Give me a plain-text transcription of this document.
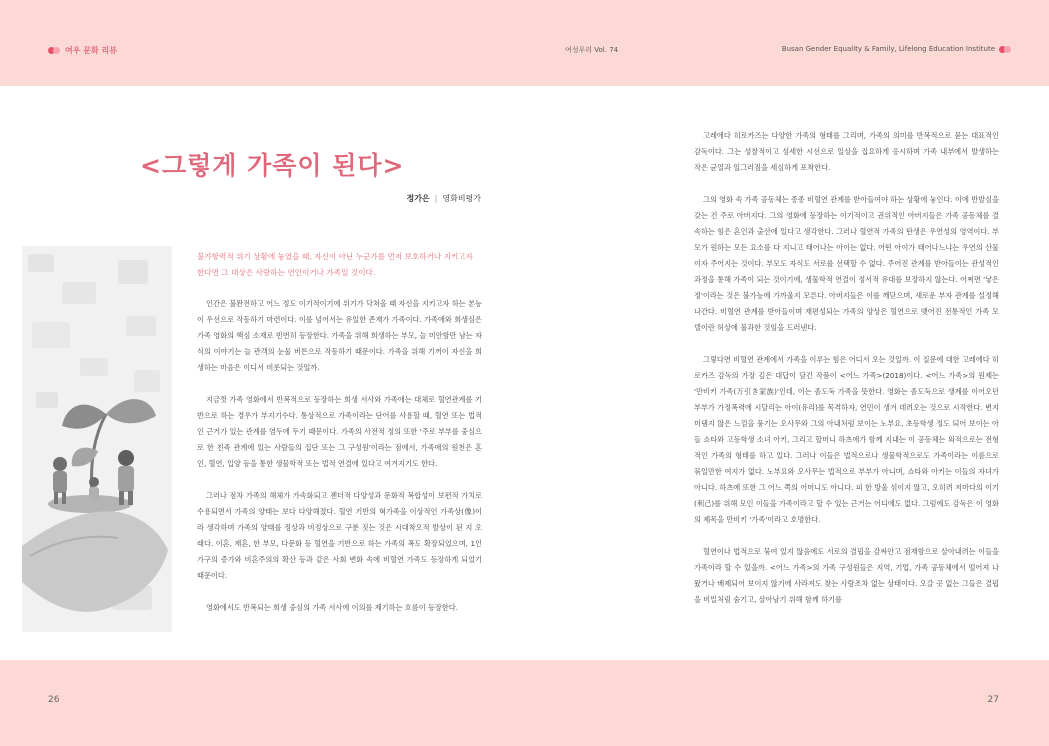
여우 문화 리뷰	여성우리 Vol. 74	Busan Gender Equality & Family, Lifelong Education Institute
<그렇게 가족이 된다>
정가은 | 영화비평가

불가항력적 위기 상황에 놓였을 때, 자신이 아닌 누군가를 먼저 보호하거나 지키고자 한다면 그 대상은 사랑하는 연인이거나 가족일 것이다.

인간은 불완전하고 어느 정도 이기적이기에 위기가 닥쳐올 때 자신을 지키고자 하는 본능이 우선으로 작동하기 마련이다. 이를 넘어서는 유일한 존재가 가족이다. 가족애와 희생심은 가족 영화의 핵심 소재로 빈번히 등장한다. 가족을 위해 희생하는 부모, 늘 미안함만 남는 자식의 이야기는 늘 관객의 눈물 버튼으로 작동하기 때문이다. 가족을 위해 기꺼이 자신을 희생하는 마음은 이디서 비롯되는 것일까.

지금껏 가족 영화에서 반복적으로 등장하는 희생 서사와 가족애는 대체로 혈연관계를 기반으로 하는 경우가 부지기수다. 통상적으로 가족이라는 단어를 사용할 때, 혈연 또는 법적인 근거가 있는 관계를 염두에 두기 때문이다. 가족의 사전적 정의 또한 '주로 부부를 중심으로 한 친족 관계에 있는 사람들의 집단 또는 그 구성원'이라는 점에서, 가족애의 원천은 혼인, 혈연, 입양 등을 통한 생물학적 또는 법적 연결에 있다고 여겨지기도 한다.

그러나 점차 가족의 해체가 가속화되고 젠더적 다양성과 문화적 복합성이 보편적 가치로 수용되면서 가족의 양태는 보다 다양해졌다. 혈연 기반의 혁가족을 이상적인 가족상(像)이라 생각하며 가족의 양태를 정상과 비정상으로 구분 짓는 것은 시대착오적 발상이 된 지 오래다. 이혼, 재혼, 한 부모, 다문화 등 혈연을 기반으로 하는 가족의 폭도 확장되었으며, 1인 가구의 증가와 비혼주의의 확산 등과 같은 사회 변화 속에 비혈연 가족도 등장하게 되었기 때문이다.

영화에서도 반복되는 희생 중심의 가족 서사에 이의를 제기하는 흐름이 등장한다.

고레에다 히로카즈는 다양한 가족의 형태를 그리며, 가족의 의미를 반복적으로 묻는 대표적인 감독이다. 그는 성찰적이고 섬세한 시선으로 일상을 집요하게 응시하며 가족 내부에서 발생하는 작은 균열과 일그러짐을 세심하게 포착한다.

그의 영화 속 가족 공동체는 종종 비혈연 관계를 받아들여야 하는 상황에 놓인다. 이에 반발심을 갖는 건 주로 아버지다. 그의 영화에 등장하는 이기적이고 권위적인 아버지들은 가족 공동체를 결속하는 힘은 혼인과 출산에 있다고 생각한다. 그러나 혈연적 가족의 탄생은 우연성의 영역이다. 부모가 원하는 모든 요소를 다 지니고 태어나는 아이는 없다. 어떤 아이가 태어나느냐는 우연의 산물이자 주어지는 것이다. 부모도 자식도 서로를 선택할 수 없다. 주어진 관계를 받아들이는 관성적인 과정을 통해 가족이 되는 것이기에, 생물학적 연결이 정서적 유대를 보장하지 않는다. 어쩌면 '낳은 정'이라는 것은 불가능에 가까울지 모른다. 아버지들은 이를 깨닫으며, 새로운 부자 관계를 설정해 나간다. 비혈연 관계를 받아들이며 재편성되는 가족의 양상은 혈연으로 맺어진 전통적인 가족 모델이란 허상에 불과한 것임을 드러낸다.

그렇다면 비혈연 관계에서 가족을 이루는 힘은 어디서 오는 것일까. 이 질문에 대한 고레에다 히로카즈 감독의 가장 깊은 대답이 담긴 작품이 <어느 가족>(2018)이다. <어느 가족>의 원제는 '만비키 가족(万引き家族)'인데, 이는 좀도둑 가족을 뜻한다. 영화는 좀도둑으로 생계를 이어오던 부부가 가정폭력에 시달리는 아이(유리)를 목격하자, 연민이 생겨 데려오는 것으로 시작한다. 변지 미댐지 않은 느낌을 풍기는 오사무와 그의 아내처럼 보이는 노부요, 초등학생 정도 되어 보이는 아들 쇼타와 고등학생 소녀 아키, 그리고 할머니 하츠에가 함께 지내는 이 공동체는 외적으로는 전형적인 가족의 형태를 하고 있다. 그러나 이들은 법적으로나 생물학적으로도 가족이라는 이름으로 묶일만한 여지가 없다. 노부요와 오사무는 법적으로 부부가 아니며, 쇼타와 아키는 이들의 자녀가 아니다. 하츠에 또한 그 어느 쪽의 어머니도 아니다. 피 한 방울 섞이지 않고, 오히려 저마다의 이기(利己)를 위해 모인 이들을 가족이라고 할 수 있는 근거는 어디에도 없다. 그럼에도 감독은 이 영화의 제목을 만비키 '가족'이라고 호명한다.

혈연이나 법적으로 묶여 있지 않음에도 서로의 결핍을 감싸안고 점재함으로 살아내려는 이들을 가족이라 할 수 있을까. <어느 가족>의 가족 구성원들은 지역, 기업, 가족 공동체에서 떨어져 나왔거나 배제되어 보이지 않기에 사라져도 찾는 사람조차 없는 상태이다. 오갈 곳 없는 그들은 결핍을 비밀처럼 숨기고, 살아남기 위해 함께 하기를

26	27
